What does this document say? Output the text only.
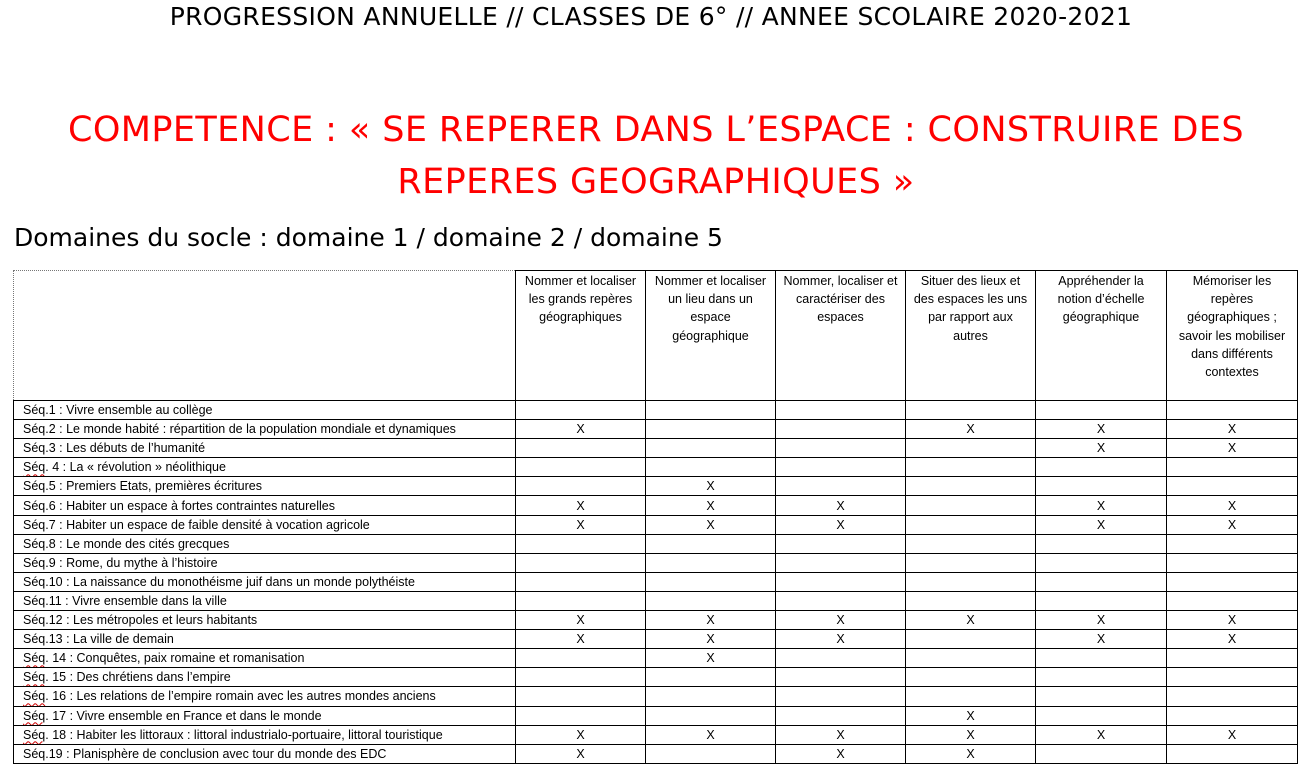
PROGRESSION ANNUELLE // CLASSES DE 6° // ANNEE SCOLAIRE 2020-2021
COMPETENCE : « SE REPERER DANS L’ESPACE : CONSTRUIRE DES REPERES GEOGRAPHIQUES »
Domaines du socle : domaine 1 / domaine 2 / domaine 5
	Nommer et localiser les grands repères géographiques	Nommer et localiser un lieu dans un espace géographique	Nommer, localiser et caractériser des espaces	Situer des lieux et des espaces les uns par rapport aux autres	Appréhender la notion d’échelle géographique	Mémoriser les repères géographiques ; savoir les mobiliser dans différents contextes
Séq.1 : Vivre ensemble au collège						
Séq.2 : Le monde habité : répartition de la population mondiale et dynamiques	X			X	X	X
Séq.3 : Les débuts de l’humanité					X	X
Séq. 4 : La « révolution » néolithique						
Séq.5 : Premiers Etats, premières écritures		X				
Séq.6 : Habiter un espace à fortes contraintes naturelles	X	X	X		X	X
Séq.7 : Habiter un espace de faible densité à vocation agricole	X	X	X		X	X
Séq.8 : Le monde des cités grecques						
Séq.9 : Rome, du mythe à l’histoire						
Séq.10 : La naissance du monothéisme juif dans un monde polythéiste						
Séq.11 : Vivre ensemble dans la ville						
Séq.12 : Les métropoles et leurs habitants	X	X	X	X	X	X
Séq.13 : La ville de demain	X	X	X		X	X
Séq. 14 : Conquêtes, paix romaine et romanisation		X				
Séq. 15 : Des chrétiens dans l’empire						
Séq. 16 : Les relations de l’empire romain avec les autres mondes anciens						
Séq. 17 : Vivre ensemble en France et dans le monde				X		
Séq. 18 : Habiter les littoraux : littoral industrialo-portuaire, littoral touristique	X	X	X	X	X	X
Séq.19 : Planisphère de conclusion avec tour du monde des EDC	X		X	X		
